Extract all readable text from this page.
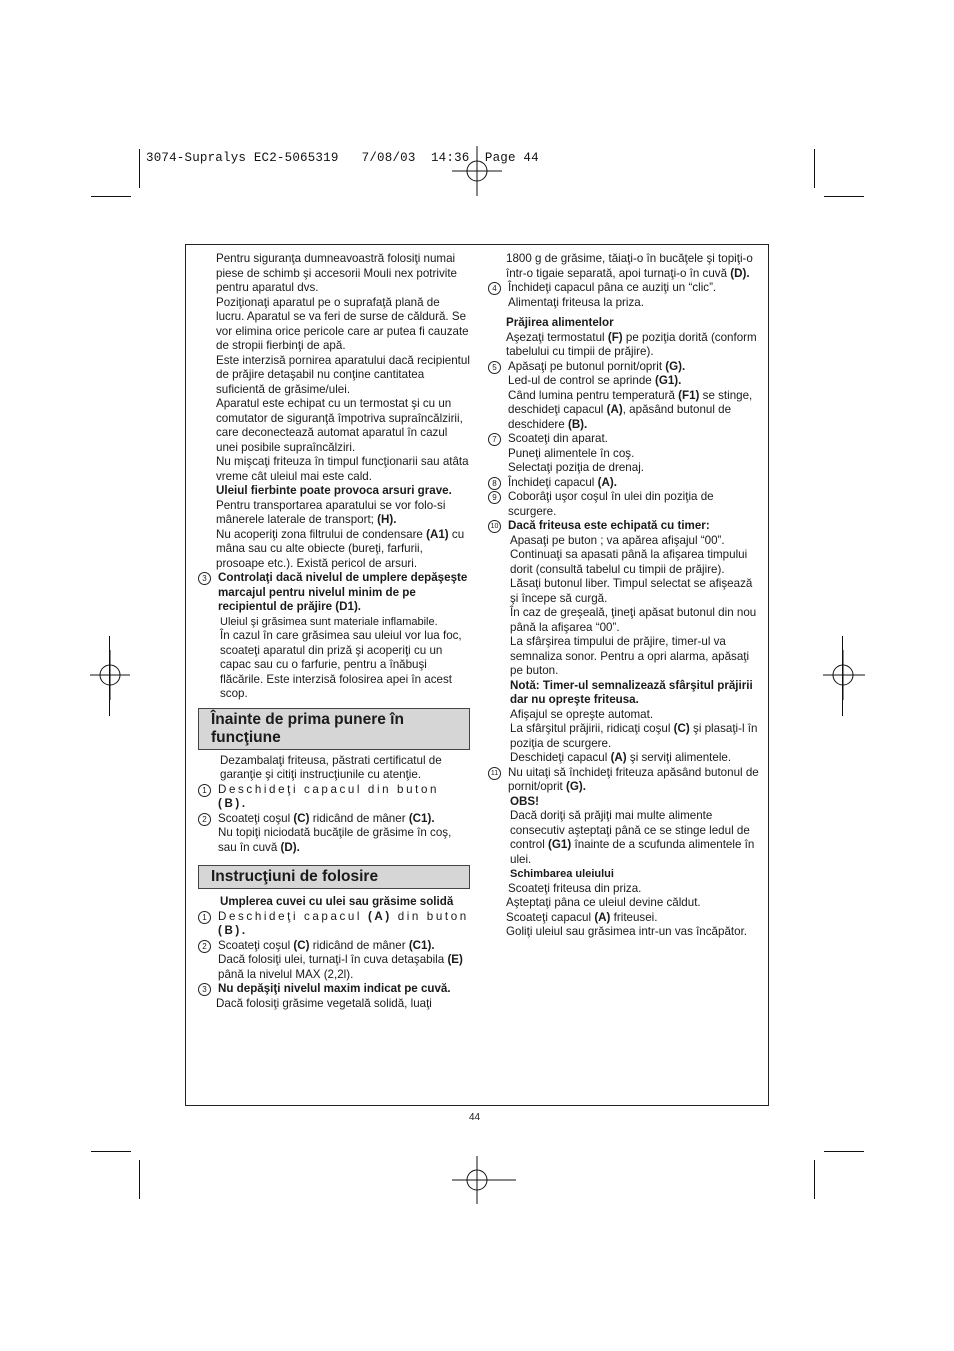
3074-Supralys EC2-5065319 7/08/03 14:36 Page 44

Pentru siguranţa dumneavoastră folosiţi numai piese de schimb şi accesorii Mouli nex potrivite pentru aparatul dvs.

Poziţionaţi aparatul pe o suprafaţă plană de lucru. Aparatul se va feri de surse de căldură. Se vor elimina orice pericole care ar putea fi cauzate de stropii fierbinţi de apă.

Este interzisă pornirea aparatului dacă recipientul de prăjire detaşabil nu conţine cantitatea suficientă de grăsime/ulei.

Aparatul este echipat cu un termostat şi cu un comutator de siguranţă împotriva supraîncălzirii, care deconectează automat aparatul în cazul unei posibile supraîncălziri.

Nu mişcaţi friteuza în timpul funcţionarii sau atâta vreme cât uleiul mai este cald.

Uleiul fierbinte poate provoca arsuri grave.

Pentru transportarea aparatului se vor folo-si mânerele laterale de transport; (H).

Nu acoperiţi zona filtrului de condensare (A1) cu mâna sau cu alte obiecte (bureţi, farfurii, prosoape etc.). Există pericol de arsuri.

3 Controlaţi dacă nivelul de umplere depăşeşte marcajul pentru nivelul minim de pe recipientul de prăjire (D1).

Uleiul şi grăsimea sunt materiale inflamabile.

În cazul în care grăsimea sau uleiul vor lua foc, scoateţi aparatul din priză şi acoperiţi cu un capac sau cu o farfurie, pentru a înăbuşi flăcările. Este interzisă folosirea apei în acest scop.

Înainte de prima punere în funcţiune

Dezambalaţi friteusa, păstrati certificatul de garanţie şi citiţi instrucţiunile cu atenţie.

1 Deschideţi capacul din buton
(B).
2 Scoateţi coşul (C) ridicând de mâner (C1).
Nu topiţi niciodată bucăţile de grăsime în coş, sau în cuvă (D).
Instrucţiuni de folosire

Umplerea cuvei cu ulei sau grăsime solidă

1 Deschideţi capacul (A) din buton
(B).
2 Scoateţi coşul (C) ridicând de mâner (C1).
Dacă folosiţi ulei, turnaţi-l în cuva detaşabila (E) până la nivelul MAX (2,2l).
3 Nu depăşiţi nivelul maxim indicat pe cuvă.

Dacă folosiţi grăsime vegetală solidă, luaţi

1800 g de grăsime, tăiaţi-o în bucăţele şi topiţi-o într-o tigaie separată, apoi turnaţi-o în cuvă (D).

4 Închideţi capacul pâna ce auziţi un “clic”.
Alimentaţi friteusa la priza.

Prăjirea alimentelor

Aşezaţi termostatul (F) pe poziţia dorită (conform tabelului cu timpii de prăjire).

5 Apăsaţi pe butonul pornit/oprit (G).
Led-ul de control se aprinde (G1).
Când lumina pentru temperatură (F1) se stinge, deschideţi capacul (A), apăsând butonul de deschidere (B).
7 Scoateţi din aparat.
Puneţi alimentele în coş.
Selectaţi poziţia de drenaj.
8 Închideţi capacul (A).
9 Coborâţi uşor coşul în ulei din poziţia de scurgere.
10 Dacă friteusa este echipată cu timer:

Apasaţi pe buton ; va apărea afişajul “00”.

Continuaţi sa apasati până la afişarea timpului dorit (consultă tabelul cu timpii de prăjire).

Lăsaţi butonul liber. Timpul selectat se afişează şi începe să curgă.

În caz de greşeală, ţineţi apăsat butonul din nou până la afişarea “00”.

La sfârşirea timpului de prăjire, timer-ul va semnaliza sonor. Pentru a opri alarma, apăsaţi pe buton.

Notă: Timer-ul semnalizează sfârşitul prăjirii dar nu opreşte friteusa.

Afişajul se opreşte automat.

La sfârşitul prăjirii, ridicaţi coşul (C) şi plasaţi-l în poziţia de scurgere.

Deschideţi capacul (A) şi serviţi alimentele.

11 Nu uitaţi să închideţi friteuza apăsând butonul de pornit/oprit (G).

OBS!

Dacă doriţi să prăjiţi mai multe alimente consecutiv aşteptaţi până ce se stinge ledul de control (G1) înainte de a scufunda alimentele în ulei.

Schimbarea uleiului

Scoateţi friteusa din priza.

Aşteptaţi pâna ce uleiul devine căldut.

Scoateţi capacul (A) friteusei.

Goliţi uleiul sau grăsimea intr-un vas încăpător.

44
